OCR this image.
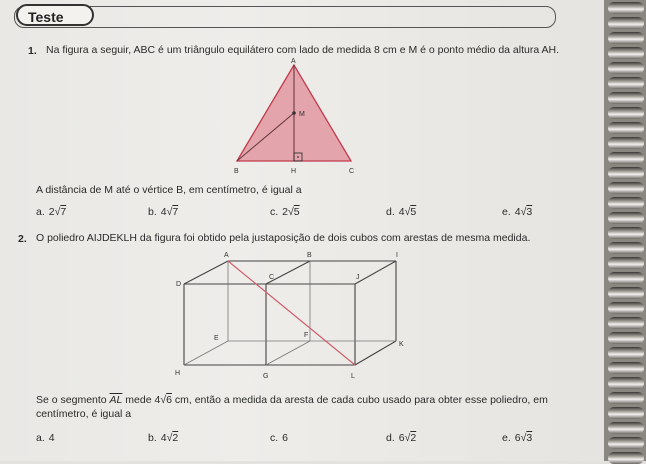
Teste
1. Na figura a seguir, ABC é um triângulo equilátero com lado de medida 8 cm e M é o ponto médio da altura AH.
A
M
B	H	C
A distância de M até o vértice B, em centímetro, é igual a
a. 2√7	b. 4√7	c. 2√5	d. 4√5	e. 4√3
2. O poliedro AIJDEKLH da figura foi obtido pela justaposição de dois cubos com arestas de mesma medida.
A	B	I
D
C	J
E	F
K
H	G	L
Se o segmento $\overline{AL}$ mede 4√6 cm, então a medida da aresta de cada cubo usado para obter esse poliedro, em
centímetro, é igual a
a. 4	b. 4√2	c. 6	d. 6√2	e. 6√3
